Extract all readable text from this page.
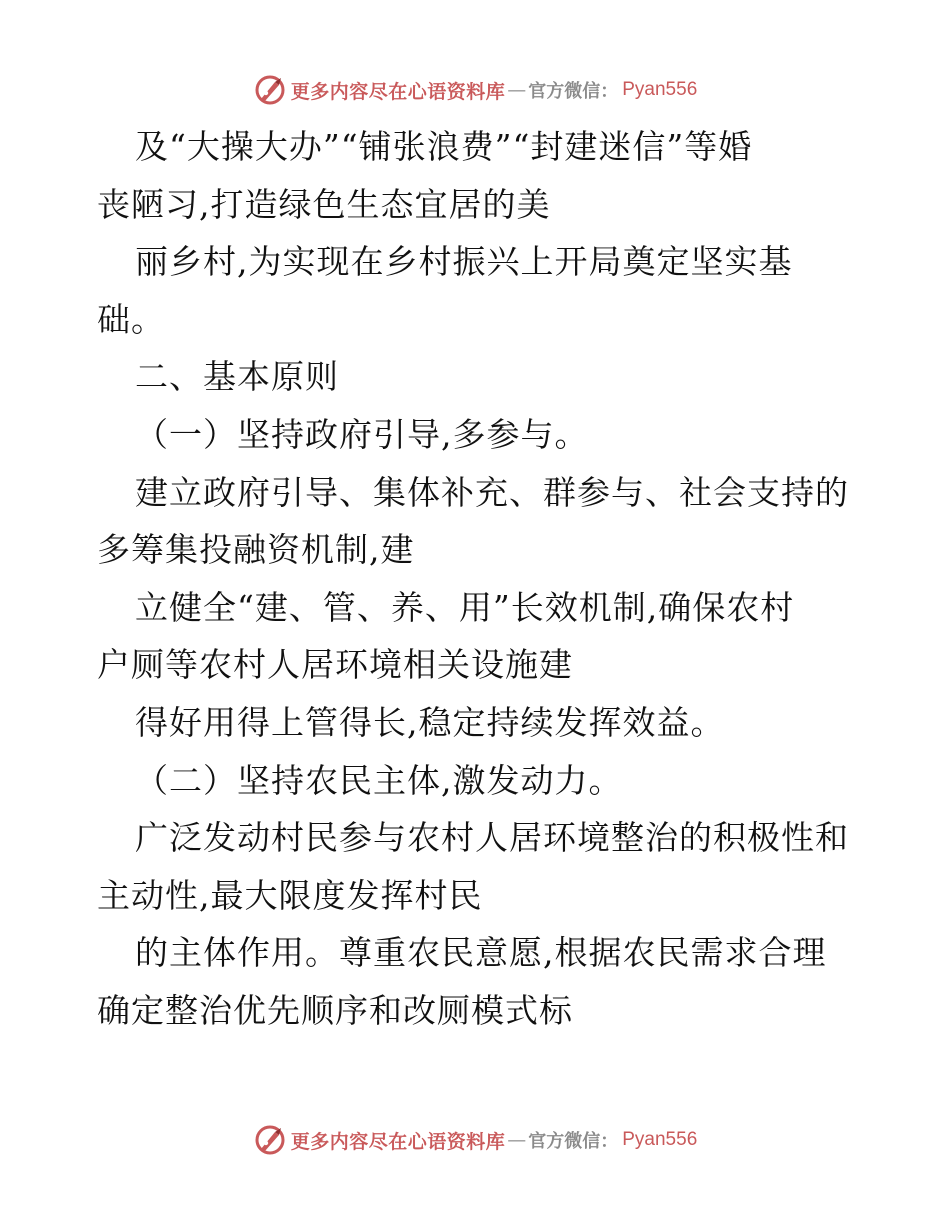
更多内容尽在心语资料库 — 官方微信： Pyan556
及“大操大办”“铺张浪费”“封建迷信”等婚
丧陋习,打造绿色生态宜居的美
丽乡村,为实现在乡村振兴上开局奠定坚实基
础。
二、基本原则
（一）坚持政府引导,多参与。
建立政府引导、集体补充、群参与、社会支持的
多筹集投融资机制,建
立健全“建、管、养、用”长效机制,确保农村
户厕等农村人居环境相关设施建
得好用得上管得长,稳定持续发挥效益。
（二）坚持农民主体,激发动力。
广泛发动村民参与农村人居环境整治的积极性和
主动性,最大限度发挥村民
的主体作用。尊重农民意愿,根据农民需求合理
确定整治优先顺序和改厕模式标
更多内容尽在心语资料库 — 官方微信： Pyan556
